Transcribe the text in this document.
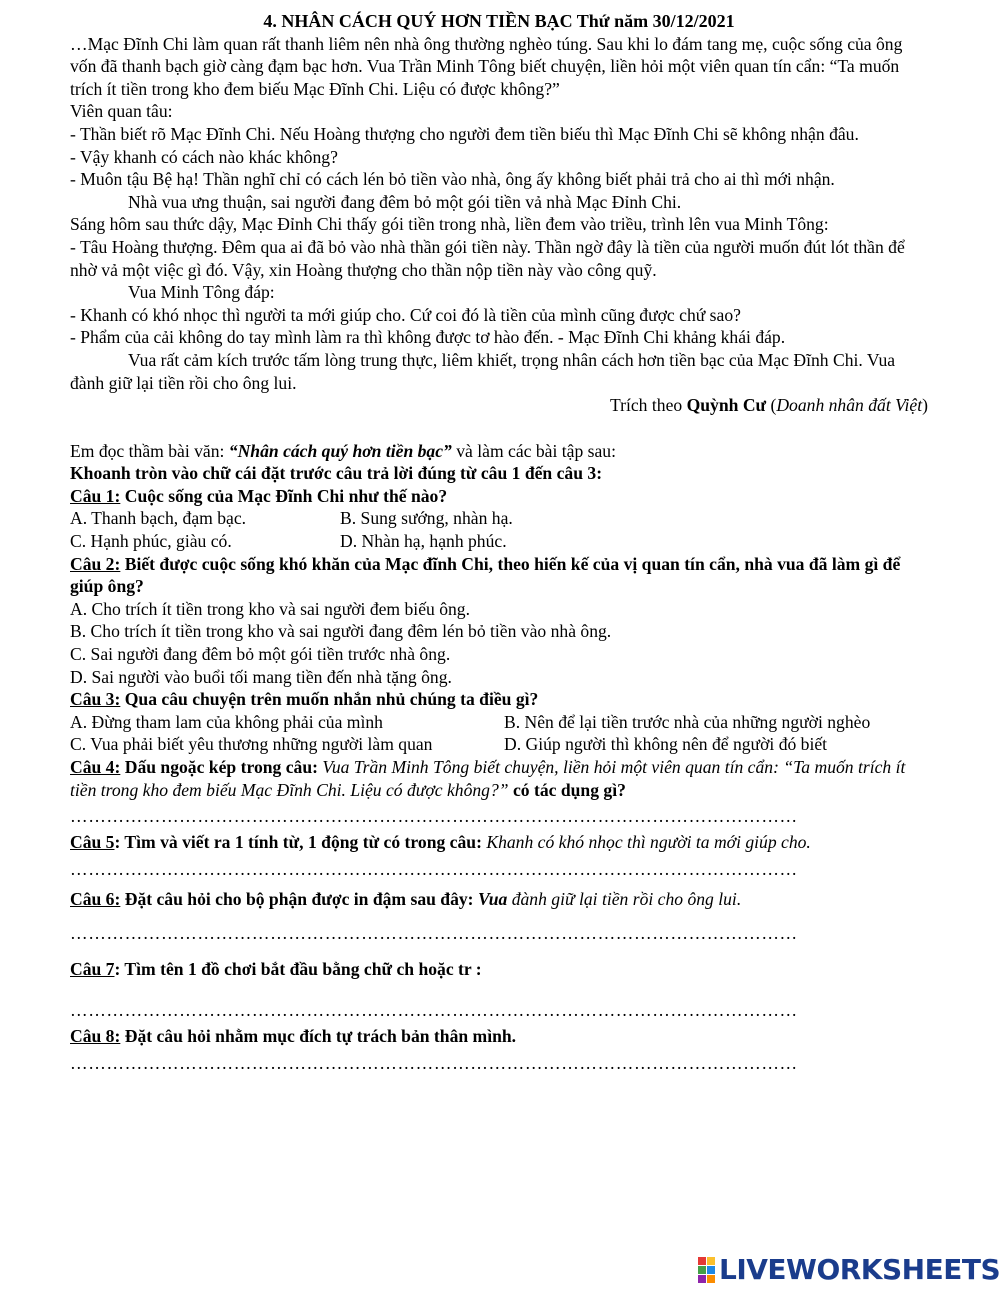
4. NHÂN CÁCH QUÝ HƠN TIỀN BẠC Thứ năm 30/12/2021

…Mạc Đĩnh Chi làm quan rất thanh liêm nên nhà ông thường nghèo túng. Sau khi lo đám tang mẹ, cuộc sống của ông vốn đã thanh bạch giờ càng đạm bạc hơn. Vua Trần Minh Tông biết chuyện, liền hỏi một viên quan tín cẩn: “Ta muốn trích ít tiền trong kho đem biếu Mạc Đĩnh Chi. Liệu có được không?”

Viên quan tâu:

- Thần biết rõ Mạc Đĩnh Chi. Nếu Hoàng thượng cho người đem tiền biếu thì Mạc Đĩnh Chi sẽ không nhận đâu.

- Vậy khanh có cách nào khác không?

- Muôn tậu Bệ hạ! Thần nghĩ chỉ có cách lén bỏ tiền vào nhà, ông ấy không biết phải trả cho ai thì mới nhận.

Nhà vua ưng thuận, sai người đang đêm bỏ một gói tiền vả nhà Mạc Đỉnh Chi.

Sáng hôm sau thức dậy, Mạc Đỉnh Chi thấy gói tiền trong nhà, liền đem vào triều, trình lên vua Minh Tông:

- Tâu Hoàng thượng. Đêm qua ai đã bỏ vào nhà thần gói tiền này. Thần ngờ đây là tiền của người muốn đút lót thần để nhờ vả một việc gì đó. Vậy, xin Hoàng thượng cho thần nộp tiền này vào công quỹ.

Vua Minh Tông đáp:

- Khanh có khó nhọc thì người ta mới giúp cho. Cứ coi đó là tiền của mình cũng được chứ sao?

- Phẩm của cải không do tay mình làm ra thì không được tơ hào đến. - Mạc Đĩnh Chi khảng khái đáp.

Vua rất cảm kích trước tấm lòng trung thực, liêm khiết, trọng nhân cách hơn tiền bạc của Mạc Đĩnh Chi. Vua đành giữ lại tiền rồi cho ông lui.

Trích theo Quỳnh Cư (Doanh nhân đất Việt)

Em đọc thầm bài văn: “Nhân cách quý hơn tiền bạc” và làm các bài tập sau:

Khoanh tròn vào chữ cái đặt trước câu trả lời đúng từ câu 1 đến câu 3:

Câu 1: Cuộc sống của Mạc Đĩnh Chi như thế nào?

A. Thanh bạch, đạm bạc.	B. Sung sướng, nhàn hạ.
C. Hạnh phúc, giàu có.	D. Nhàn hạ, hạnh phúc.

Câu 2: Biết được cuộc sống khó khăn của Mạc đĩnh Chi, theo hiến kế của vị quan tín cẩn, nhà vua đã làm gì để giúp ông?

A. Cho trích ít tiền trong kho và sai người đem biếu ông.

B. Cho trích ít tiền trong kho và sai người đang đêm lén bỏ tiền vào nhà ông.

C. Sai người đang đêm bỏ một gói tiền trước nhà ông.

D. Sai người vào buổi tối mang tiền đến nhà tặng ông.

Câu 3: Qua câu chuyện trên muốn nhắn nhủ chúng ta điều gì?

A. Đừng tham lam của không phải của mình	B. Nên để lại tiền trước nhà của những người nghèo
C. Vua phải biết yêu thương những người làm quan	D. Giúp người thì không nên để người đó biết

Câu 4: Dấu ngoặc kép trong câu: Vua Trần Minh Tông biết chuyện, liền hỏi một viên quan tín cẩn: “Ta muốn trích ít tiền trong kho đem biếu Mạc Đĩnh Chi. Liệu có được không?” có tác dụng gì?

…………………………………………………………………………………………………………

Câu 5: Tìm và viết ra 1 tính từ, 1 động từ có trong câu: Khanh có khó nhọc thì người ta mới giúp cho.

…………………………………………………………………………………………………………

Câu 6: Đặt câu hỏi cho bộ phận được in đậm sau đây: Vua đành giữ lại tiền rồi cho ông lui.

…………………………………………………………………………………………………………

Câu 7: Tìm tên 1 đồ chơi bắt đầu bằng chữ ch hoặc tr :

…………………………………………………………………………………………………………

Câu 8: Đặt câu hỏi nhằm mục đích tự trách bản thân mình.

…………………………………………………………………………………………………………
LIVEWORKSHEETS
